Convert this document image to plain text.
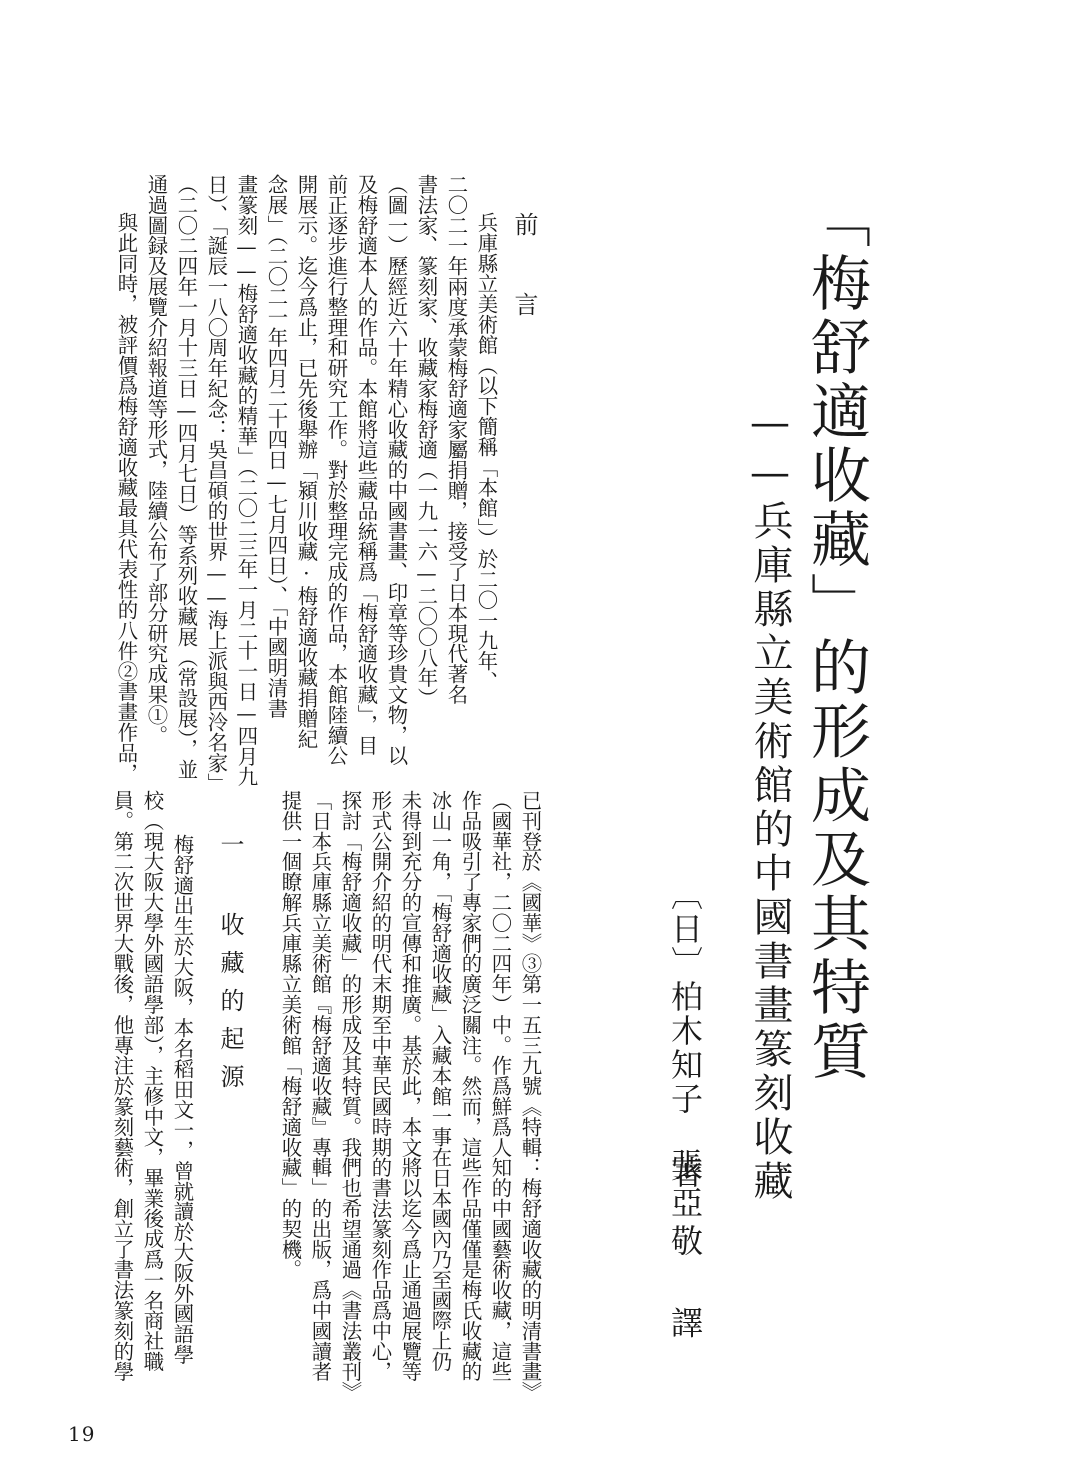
「梅舒適收藏」的形成及其特質
——兵庫縣立美術館的中國書畫篆刻收藏
〔日〕柏木知子 著
張亞敬 譯
前 言
兵庫縣立美術館（以下簡稱「本館」）於二〇一九年、
二〇二一年兩度承蒙梅舒適家屬捐贈，接受了日本現代著名
書法家、篆刻家、收藏家梅舒適（一九一六—二〇〇八年）
（圖一）歷經近六十年精心收藏的中國書畫、印章等珍貴文物，以
及梅舒適本人的作品。本館將這些藏品統稱爲「梅舒適收藏」，目
前正逐步進行整理和研究工作。對於整理完成的作品，本館陸續公
開展示。迄今爲止，已先後舉辦「潁川收藏·梅舒適收藏捐贈紀
念展」（二〇二一年四月二十四日—七月四日）、「中國明清書
畫篆刻——梅舒適收藏的精華」（二〇二三年一月二十一日—四月九
日）、「誕辰一八〇周年紀念：吳昌碩的世界——海上派與西泠名家」
（二〇二四年一月十三日—四月七日）等系列收藏展（常設展），並
通過圖録及展覽介紹報道等形式，陸續公布了部分研究成果①。
與此同時，被評價爲梅舒適收藏最具代表性的八件②書畫作品，
已刊登於《國華》③第一五三九號《特輯：梅舒適收藏的明清書畫》
（國華社，二〇二四年）中。作爲鮮爲人知的中國藝術收藏，這些
作品吸引了專家們的廣泛關注。然而，這些作品僅僅是梅氏收藏的
冰山一角，「梅舒適收藏」入藏本館一事在日本國內乃至國際上仍
未得到充分的宣傳和推廣。基於此，本文將以迄今爲止通過展覽等
形式公開介紹的明代末期至中華民國時期的書法篆刻作品爲中心，
探討「梅舒適收藏」的形成及其特質。我們也希望通過《書法叢刊》
「日本兵庫縣立美術館『梅舒適收藏』專輯」的出版，爲中國讀者
提供一個瞭解兵庫縣立美術館「梅舒適收藏」的契機。
一 收藏的起源
梅舒適出生於大阪，本名稻田文一，曾就讀於大阪外國語學
校（現大阪大學外國語學部），主修中文，畢業後成爲一名商社職
員。第二次世界大戰後，他專注於篆刻藝術，創立了書法篆刻的學
19
